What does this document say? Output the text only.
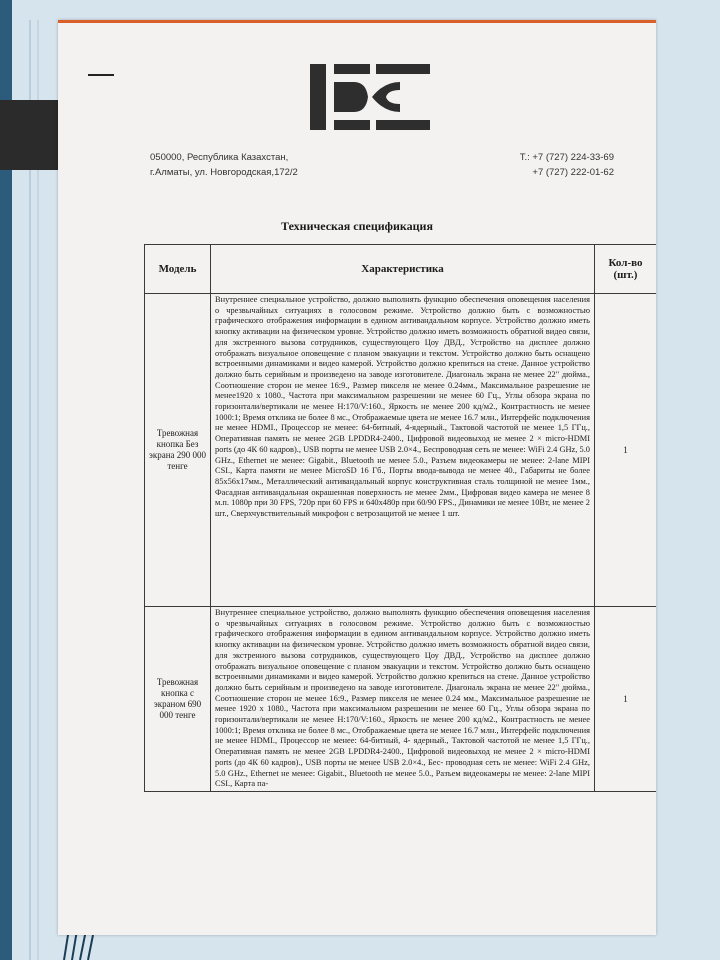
050000, Республика Казахстан,
г.Алматы, ул. Новгородская,172/2
Т.: +7 (727) 224-33-69
+7 (727) 222-01-62
Техническая спецификация
Модель	Характеристика	Кол-во (шт.)
Тревожная кнопка Без экрана 290 000 тенге	Внутреннее специальное устройство, должно выполнять функцию обеспечения оповещения населения о чрезвычайных ситуациях в голосовом режиме. Устройство должно быть с возможностью графического отображения информации в едином антивандальном корпусе. Устройство должно иметь кнопку активации на физическом уровне. Устройство должно иметь возможность обратной видео связи, для экстренного вызова сотрудников, существующего Цоу ДВД., Устройство на дисплее должно отображать визуальное оповещение с планом эвакуации и текстом. Устройство должно быть оснащено встроенными динамиками и видео камерой. Устройство должно крепиться на стене. Данное устройство должно быть серийным и произведено на заводе изготовителе. Диагональ экрана не менее 22" дюйма., Соотношение сторон не менее 16:9., Размер пикселя не менее 0.24мм., Максимальное разрешение не менее1920 x 1080., Частота при максимальном разрешении не менее 60 Гц., Углы обзора экрана по горизонтали/вертикали не менее H:170/V:160., Яркость не менее 200 кд/м2., Контрастность не менее 1000:1; Время отклика не более 8 мс., Отображаемые цвета не менее 16.7 млн., Интерфейс подключения не менее HDMI., Процессор не менее: 64-битный, 4-ядерный., Тактовой частотой не менее 1,5 ГГц., Оперативная память не менее 2GB LPDDR4-2400., Цифровой видеовыход не менее 2 × micro-HDMI ports (до 4К 60 кадров)., USB порты не менее USB 2.0×4., Беспроводная сеть не менее: WiFi 2.4 GHz, 5.0 GHz., Ethernet не менее: Gigabit., Bluetooth не менее 5.0., Разъем видеокамеры не менее: 2-lane MIPI CSI., Карта памяти не менее MicroSD 16 Гб., Порты ввода-вывода не менее 40., Габариты не более 85x56x17мм., Металлический антивандальный корпус конструктивная сталь толщиной не менее 1мм., Фасадная антивандальная окрашенная поверхность не менее 2мм., Цифровая видео камера не менее 8 м.п. 1080p при 30 FPS, 720p при 60 FPS и 640x480p при 60/90 FPS., Динамики не менее 10Вт, не менее 2 шт., Сверхчувствительный микрофон с ветрозащитой не менее 1 шт.	1
Тревожная кнопка с экраном 690 000 тенге	Внутреннее специальное устройство, должно выполнять функцию обеспечения оповещения населения о чрезвычайных ситуациях в голосовом режиме. Устройство должно быть с возможностью графического отображения информации в едином антивандальном корпусе. Устройство должно иметь кнопку активации на физическом уровне. Устройство должно иметь возможность обратной видео связи, для экстренного вызова сотрудников, существующего Цоу ДВД., Устройство на дисплее должно отображать визуальное оповещение с планом эвакуации и текстом. Устройство должно быть оснащено встроенными динамиками и видео камерой. Устройство должно крепиться на стене. Данное устройство должно быть серийным и произведено на заводе изготовителе. Диагональ экрана не менее 22" дюйма., Соотношение сторон не менее 16:9., Размер пикселя не менее 0.24 мм., Максимальное разрешение не менее 1920 x 1080., Частота при максимальном разрешении не менее 60 Гц., Углы обзора экрана по горизонтали/вертикали не менее H:170/V:160., Яркость не менее 200 кд/м2., Контрастность не менее 1000:1; Время отклика не более 8 мс., Отображаемые цвета не менее 16.7 млн., Интерфейс подключения не менее HDMI., Процессор не менее: 64-битный, 4- ядерный., Тактовой частотой не менее 1,5 ГГц., Оперативная память не менее 2GB LPDDR4-2400., Цифровой видеовыход не менее 2 × micro-HDMI ports (до 4К 60 кадров)., USB порты не менее USB 2.0×4., Бес- проводная сеть не менее: WiFi 2.4 GHz, 5.0 GHz., Ethernet не менее: Gigabit., Bluetooth не менее 5.0., Разъем видеокамеры не менее: 2-lane MIPI CSI., Карта па-	1
